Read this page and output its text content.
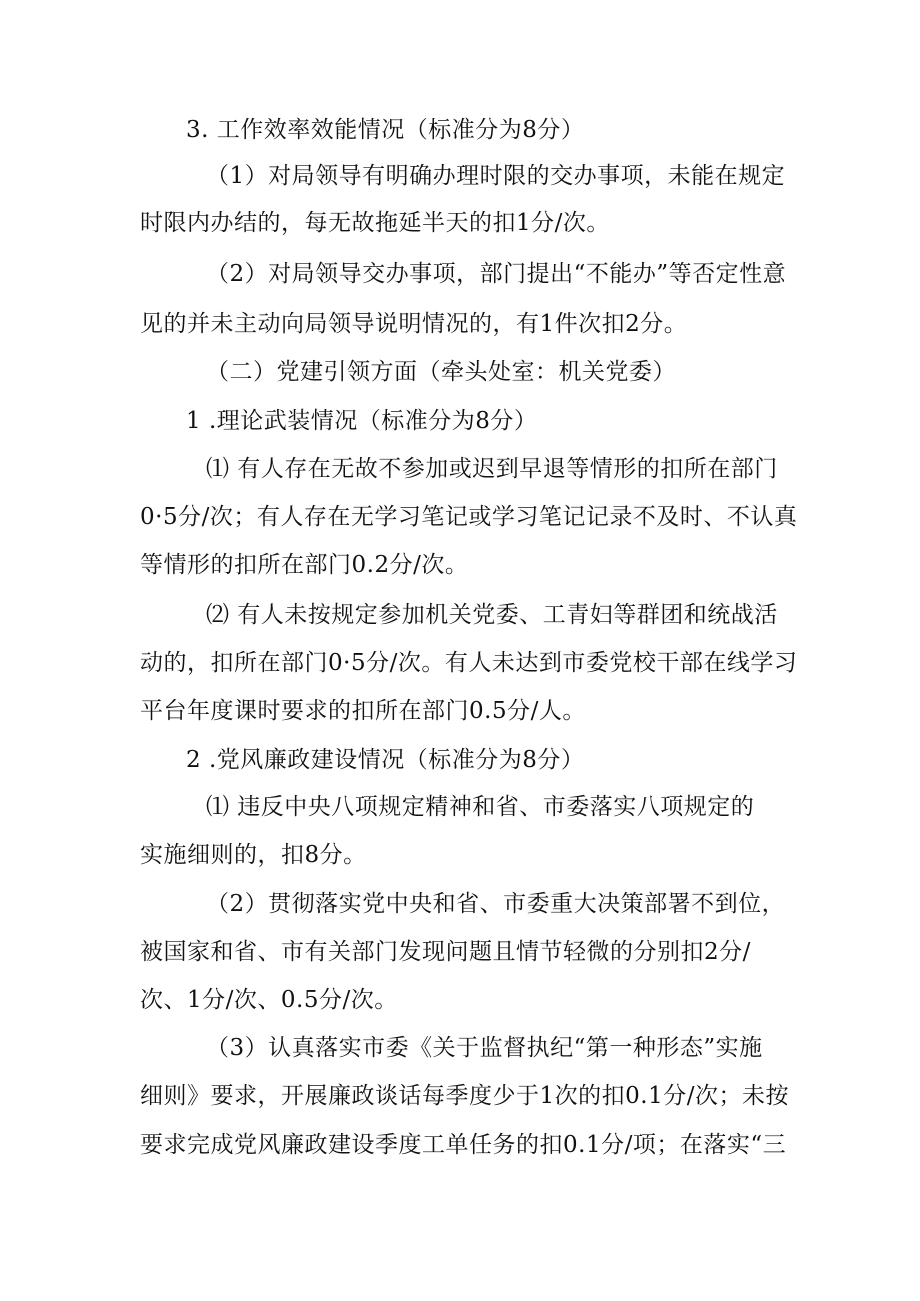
3. 工作效率效能情况（标准分为8分）
（1）对局领导有明确办理时限的交办事项，未能在规定
时限内办结的，每无故拖延半天的扣1分/次。
（2）对局领导交办事项，部门提出“不能办”等否定性意
见的并未主动向局领导说明情况的，有1件次扣2分。
（二）党建引领方面（牵头处室：机关党委）
1 .理论武装情况（标准分为8分）
⑴ 有人存在无故不参加或迟到早退等情形的扣所在部门
0·5分/次；有人存在无学习笔记或学习笔记记录不及时、不认真
等情形的扣所在部门0.2分/次。
⑵ 有人未按规定参加机关党委、工青妇等群团和统战活
动的，扣所在部门0·5分/次。有人未达到市委党校干部在线学习
平台年度课时要求的扣所在部门0.5分/人。
2 .党风廉政建设情况（标准分为8分）
⑴ 违反中央八项规定精神和省、市委落实八项规定的
实施细则的，扣8分。
（2）贯彻落实党中央和省、市委重大决策部署不到位，
被国家和省、市有关部门发现问题且情节轻微的分别扣2分/
次、1分/次、0.5分/次。
（3）认真落实市委《关于监督执纪“第一种形态”实施
细则》要求，开展廉政谈话每季度少于1次的扣0.1分/次；未按
要求完成党风廉政建设季度工单任务的扣0.1分/项；在落实“三
